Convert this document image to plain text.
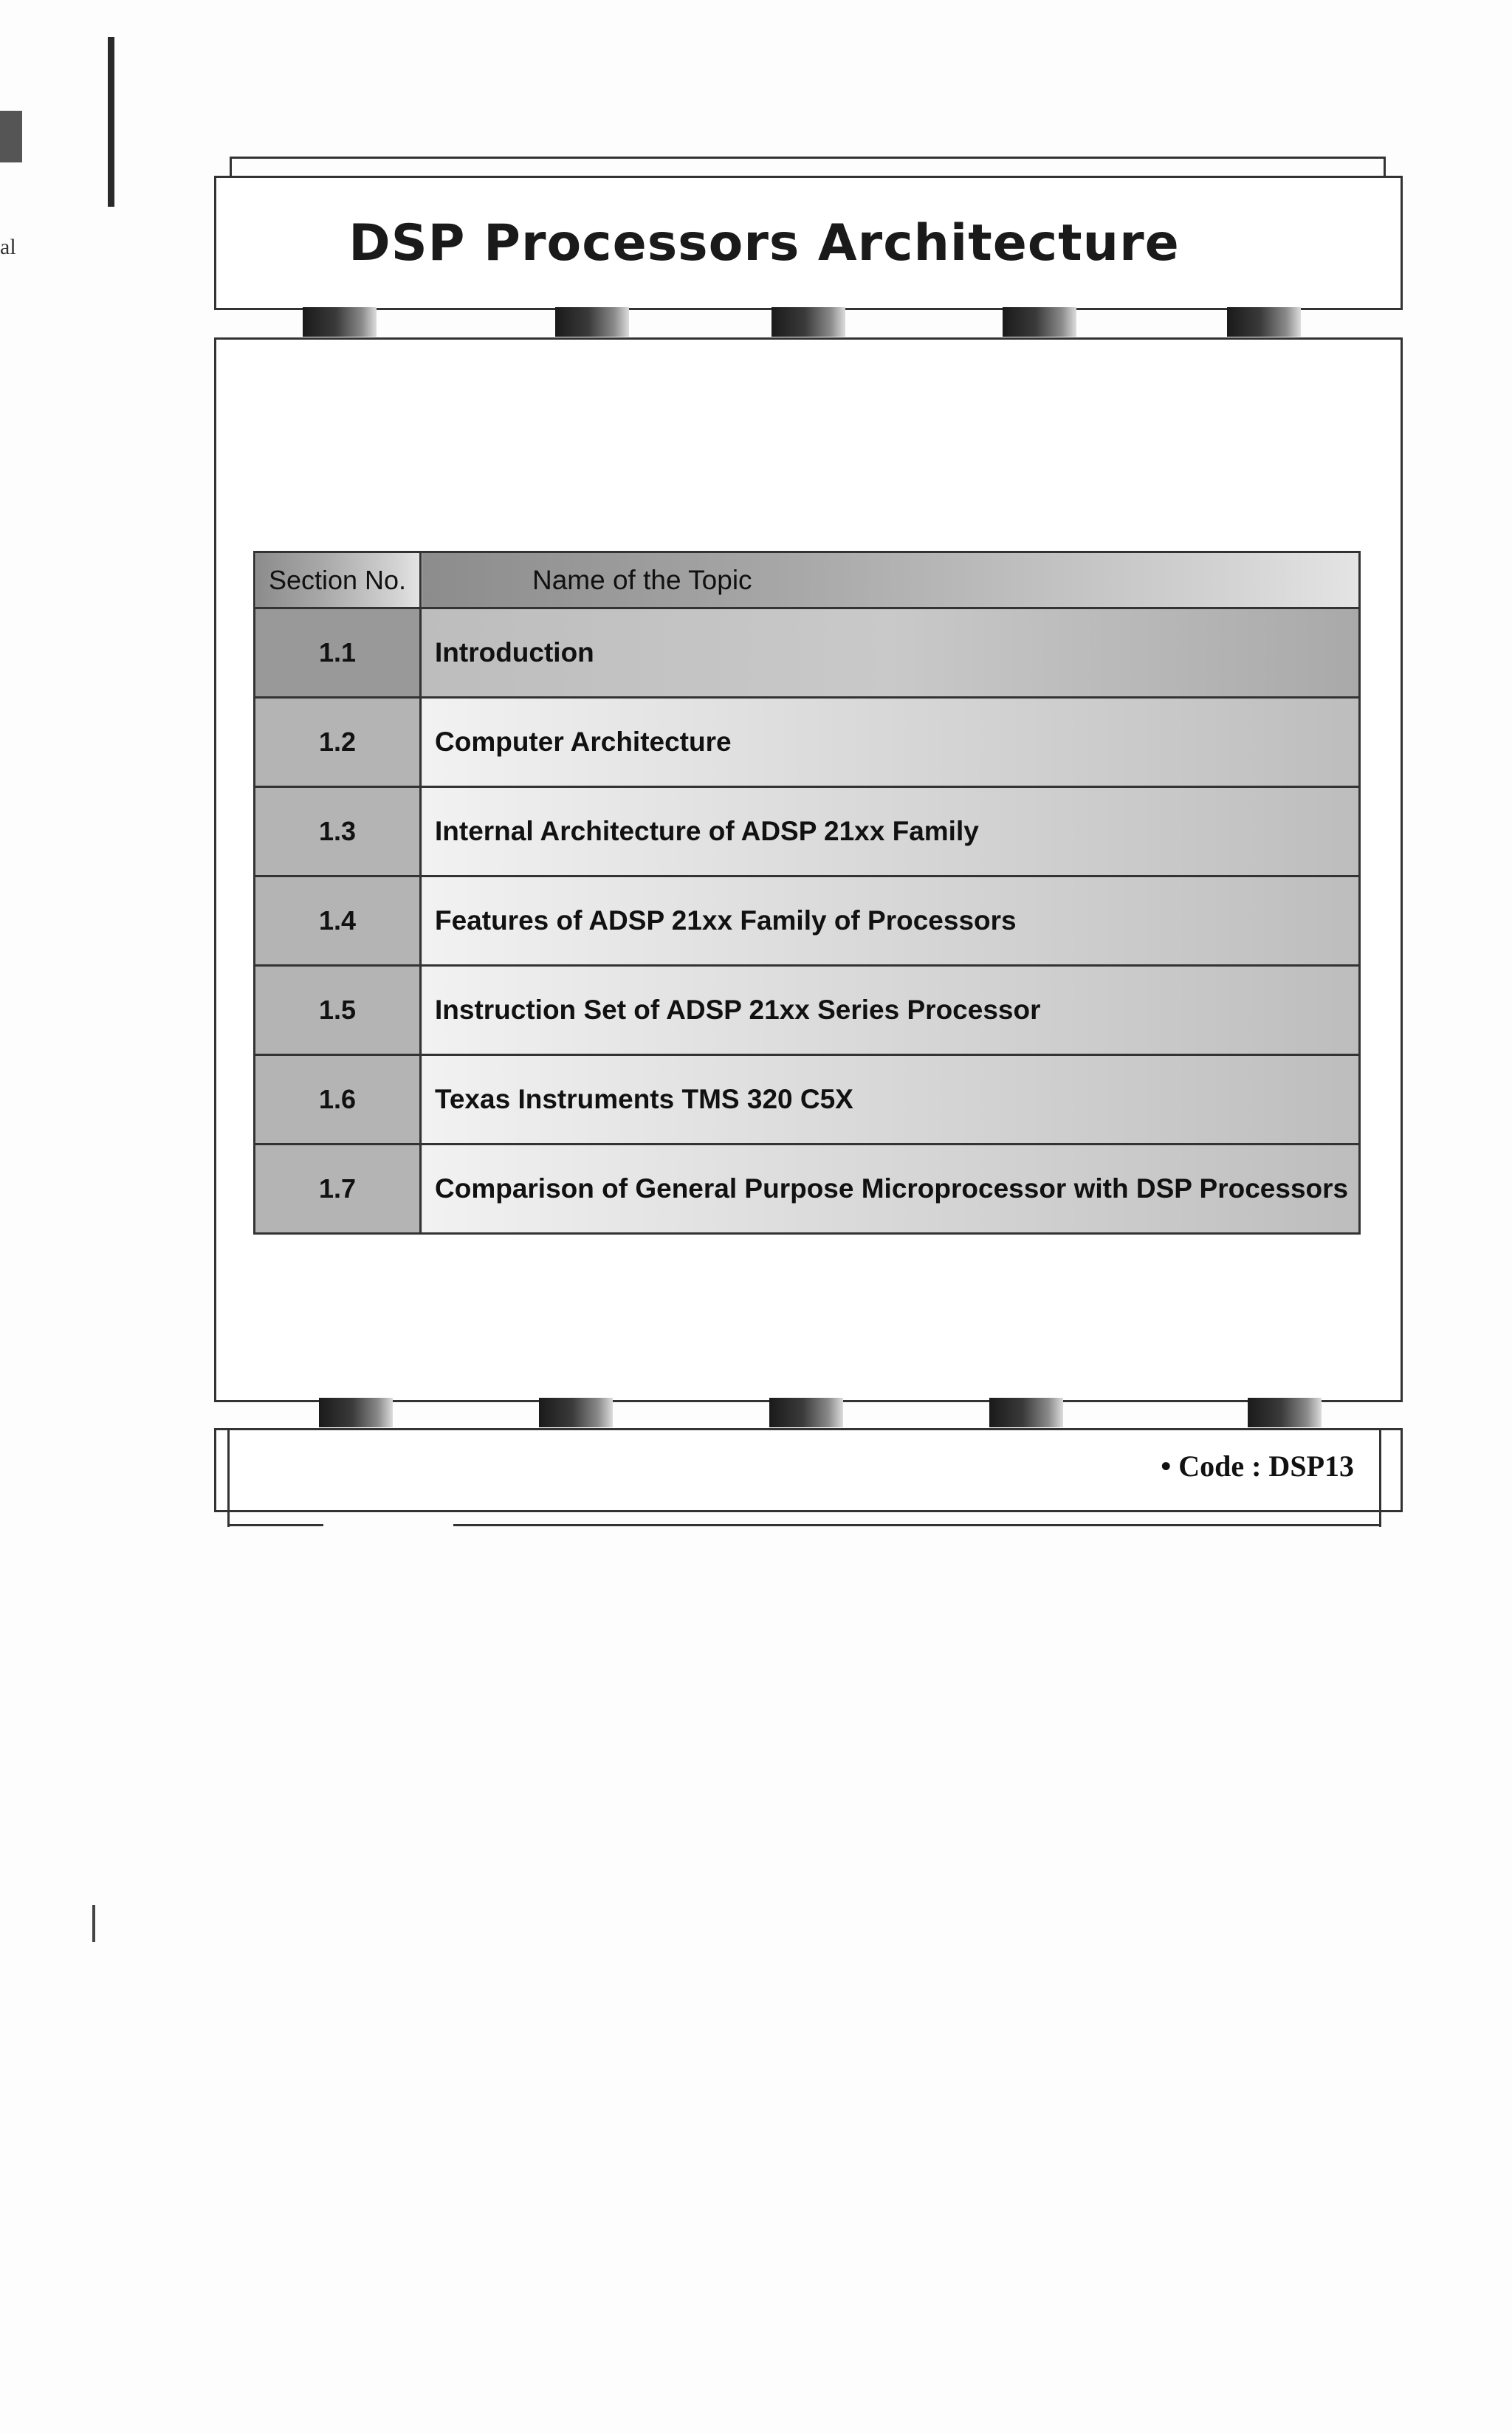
al	DSP Processors Architecture
Section No.	Name of the Topic
1.1	Introduction
1.2	Computer Architecture
1.3	Internal Architecture of ADSP 21xx Family
1.4	Features of ADSP 21xx Family of Processors
1.5	Instruction Set of ADSP 21xx Series Processor
1.6	Texas Instruments TMS 320 C5X
1.7	Comparison of General Purpose Microprocessor with DSP Processors
• Code : DSP13
